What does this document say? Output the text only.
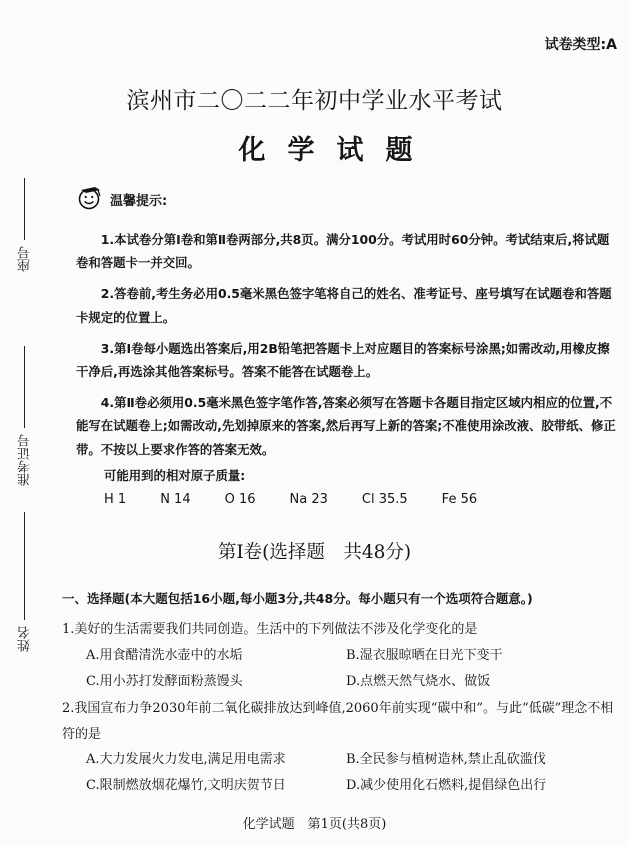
座号
准考证号
姓名
试卷类型:A
滨州市二〇二二年初中学业水平考试
化学试题
温馨提示:

1.本试卷分第Ⅰ卷和第Ⅱ卷两部分,共8页。满分100分。考试用时60分钟。考试结束后,将试题卷和答题卡一并交回。

2.答卷前,考生务必用0.5毫米黑色签字笔将自己的姓名、准考证号、座号填写在试题卷和答题卡规定的位置上。

3.第Ⅰ卷每小题选出答案后,用2B铅笔把答题卡上对应题目的答案标号涂黑;如需改动,用橡皮擦干净后,再选涂其他答案标号。答案不能答在试题卷上。

4.第Ⅱ卷必须用0.5毫米黑色签字笔作答,答案必须写在答题卡各题目指定区域内相应的位置,不能写在试题卷上;如需改动,先划掉原来的答案,然后再写上新的答案;不准使用涂改液、胶带纸、修正带。不按以上要求作答的答案无效。

可能用到的相对原子质量:
H 1	N 14	O 16	Na 23	Cl 35.5	Fe 56
第Ⅰ卷(选择题　共48分)
一、选择题(本大题包括16小题,每小题3分,共48分。每小题只有一个选项符合题意。)
1.美好的生活需要我们共同创造。生活中的下列做法不涉及化学变化的是
A.用食醋清洗水壶中的水垢	B.湿衣服晾晒在日光下变干
C.用小苏打发酵面粉蒸馒头	D.点燃天然气烧水、做饭
2.我国宣布力争2030年前二氧化碳排放达到峰值,2060年前实现“碳中和”。与此“低碳”理念不相符的是
A.大力发展火力发电,满足用电需求	B.全民参与植树造林,禁止乱砍滥伐
C.限制燃放烟花爆竹,文明庆贺节日	D.减少使用化石燃料,提倡绿色出行
化学试题　第1页(共8页)
